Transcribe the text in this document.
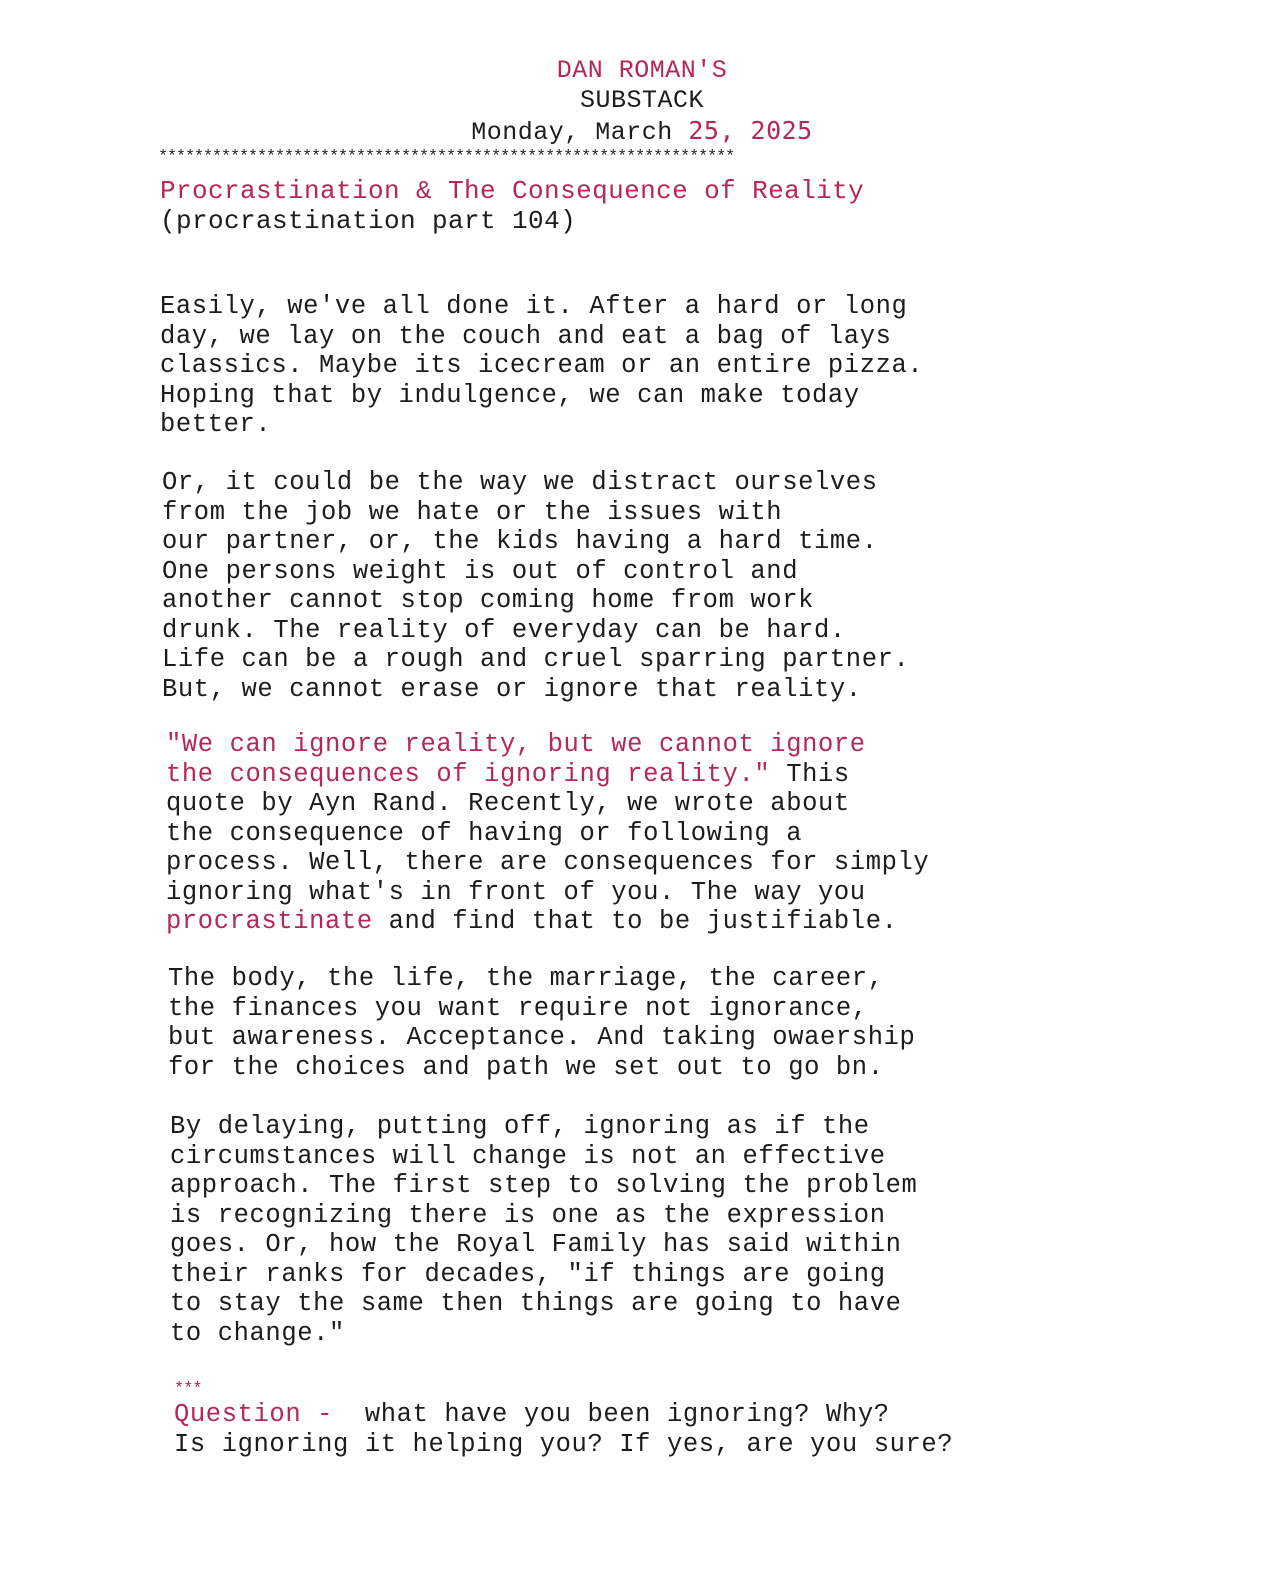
DAN ROMAN'S
SUBSTACK
Monday, March 25, 2025
****************************************************************
Procrastination & The Consequence of Reality
(procrastination part 104)
Easily, we've all done it. After a hard or long
day, we lay on the couch and eat a bag of lays
classics. Maybe its icecream or an entire pizza.
Hoping that by indulgence, we can make today
better.
Or, it could be the way we distract ourselves
from the job we hate or the issues with
our partner, or, the kids having a hard time.
One persons weight is out of control and
another cannot stop coming home from work
drunk. The reality of everyday can be hard.
Life can be a rough and cruel sparring partner.
But, we cannot erase or ignore that reality.
"We can ignore reality, but we cannot ignore
the consequences of ignoring reality." This
quote by Ayn Rand. Recently, we wrote about
the consequence of having or following a
process. Well, there are consequences for simply
ignoring what's in front of you. The way you
procrastinate and find that to be justifiable.
The body, the life, the marriage, the career,
the finances you want require not ignorance,
but awareness. Acceptance. And taking owaership
for the choices and path we set out to go bn.
By delaying, putting off, ignoring as if the
circumstances will change is not an effective
approach. The first step to solving the problem
is recognizing there is one as the expression
goes. Or, how the Royal Family has said within
their ranks for decades, "if things are going
to stay the same then things are going to have
to change."
***
Question -  what have you been ignoring? Why?
Is ignoring it helping you? If yes, are you sure?
